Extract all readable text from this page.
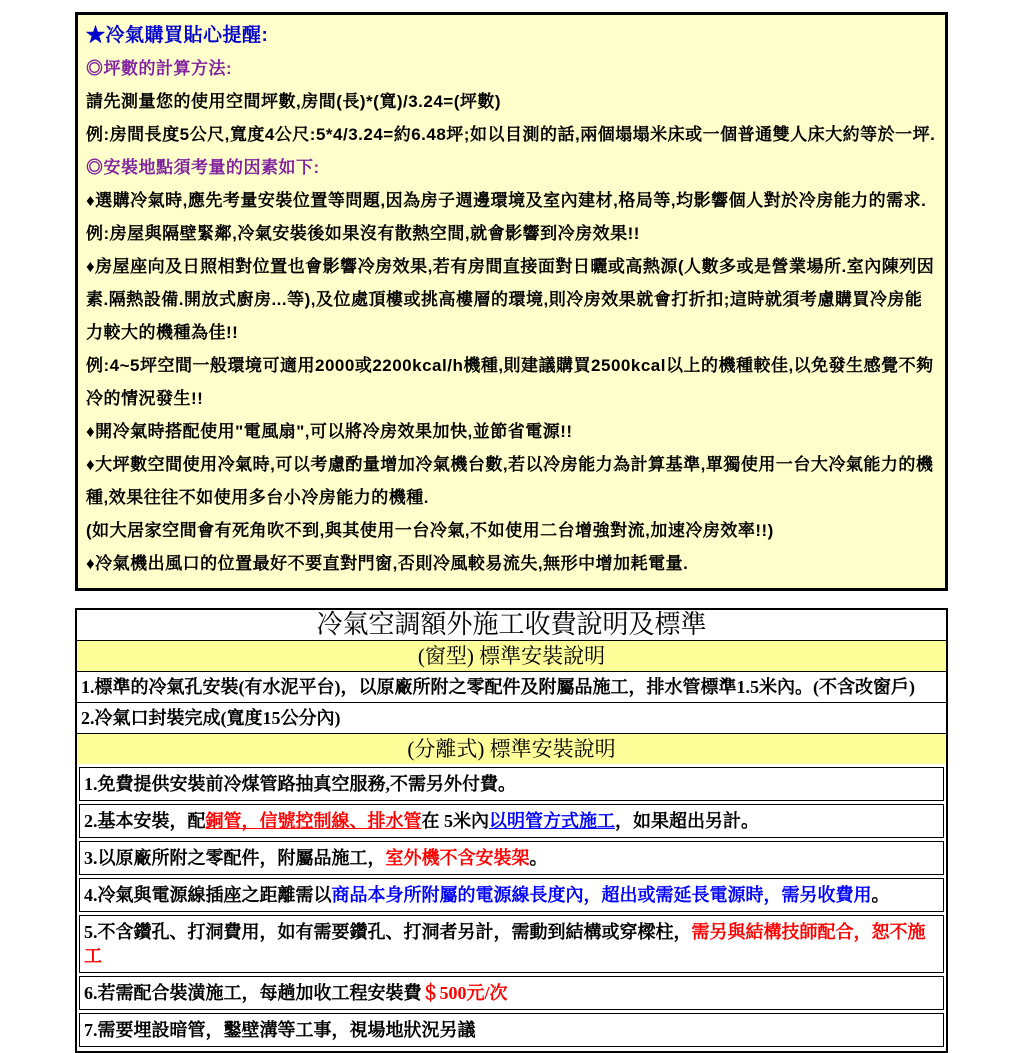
★冷氣購買貼心提醒:
◎坪數的計算方法:
請先測量您的使用空間坪數,房間(長)*(寬)/3.24=(坪數)
例:房間長度5公尺,寬度4公尺:5*4/3.24=約6.48坪;如以目測的話,兩個塌塌米床或一個普通雙人床大約等於一坪.
◎安裝地點須考量的因素如下:
♦選購冷氣時,應先考量安裝位置等問題,因為房子週邊環境及室內建材,格局等,均影響個人對於冷房能力的需求.
例:房屋與隔壁緊鄰,冷氣安裝後如果沒有散熱空間,就會影響到冷房效果!!
♦房屋座向及日照相對位置也會影響冷房效果,若有房間直接面對日曬或高熱源(人數多或是營業場所.室內陳列因素.隔熱設備.開放式廚房...等),及位處頂樓或挑高樓層的環境,則冷房效果就會打折扣;這時就須考慮購買冷房能力較大的機種為佳!!
例:4~5坪空間一般環境可適用2000或2200kcal/h機種,則建議購買2500kcal以上的機種較佳,以免發生感覺不夠冷的情況發生!!
♦開冷氣時搭配使用"電風扇",可以將冷房效果加快,並節省電源!!
♦大坪數空間使用冷氣時,可以考慮酌量增加冷氣機台數,若以冷房能力為計算基準,單獨使用一台大冷氣能力的機種,效果往往不如使用多台小冷房能力的機種.
(如大居家空間會有死角吹不到,與其使用一台冷氣,不如使用二台增強對流,加速冷房效率!!)
♦冷氣機出風口的位置最好不要直對門窗,否則冷風較易流失,無形中增加耗電量.
冷氣空調額外施工收費說明及標準
(窗型) 標準安裝說明
1.標準的冷氣孔安裝(有水泥平台)，以原廠所附之零配件及附屬品施工，排水管標準1.5米內。(不含改窗戶)
2.冷氣口封裝完成(寬度15公分內)
(分離式) 標準安裝說明
1.免費提供安裝前冷煤管路抽真空服務,不需另外付費。
2.基本安裝，配銅管，信號控制線、排水管在 5米內以明管方式施工，如果超出另計。
3.以原廠所附之零配件，附屬品施工，室外機不含安裝架。
4.冷氣與電源線插座之距離需以商品本身所附屬的電源線長度內，超出或需延長電源時，需另收費用。
5.不含鑽孔、打洞費用，如有需要鑽孔、打洞者另計，需動到結構或穿樑柱，需另與結構技師配合，恕不施工
6.若需配合裝潢施工，每趟加收工程安裝費＄500元/次
7.需要埋設暗管，鑿壁溝等工事，視場地狀況另議
